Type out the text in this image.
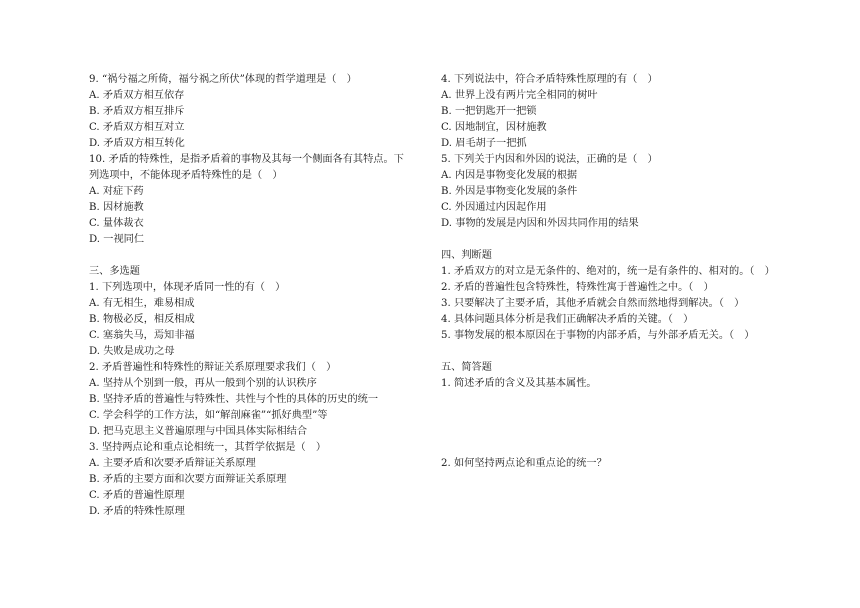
9. “祸兮福之所倚，福兮祸之所伏”体现的哲学道理是（　）
A. 矛盾双方相互依存
B. 矛盾双方相互排斥
C. 矛盾双方相互对立
D. 矛盾双方相互转化
10. 矛盾的特殊性，是指矛盾着的事物及其每一个侧面各有其特点。下
列选项中，不能体现矛盾特殊性的是（　）
A. 对症下药
B. 因材施教
C. 量体裁衣
D. 一视同仁
三、多选题
1. 下列选项中，体现矛盾同一性的有（　）
A. 有无相生，难易相成
B. 物极必反，相反相成
C. 塞翁失马，焉知非福
D. 失败是成功之母
2. 矛盾普遍性和特殊性的辩证关系原理要求我们（　）
A. 坚持从个别到一般，再从一般到个别的认识秩序
B. 坚持矛盾的普遍性与特殊性、共性与个性的具体的历史的统一
C. 学会科学的工作方法，如“解剖麻雀”“抓好典型”等
D. 把马克思主义普遍原理与中国具体实际相结合
3. 坚持两点论和重点论相统一，其哲学依据是（　）
A. 主要矛盾和次要矛盾辩证关系原理
B. 矛盾的主要方面和次要方面辩证关系原理
C. 矛盾的普遍性原理
D. 矛盾的特殊性原理
4. 下列说法中，符合矛盾特殊性原理的有（　）
A. 世界上没有两片完全相同的树叶
B. 一把钥匙开一把锁
C. 因地制宜，因材施教
D. 眉毛胡子一把抓
5. 下列关于内因和外因的说法，正确的是（　）
A. 内因是事物变化发展的根据
B. 外因是事物变化发展的条件
C. 外因通过内因起作用
D. 事物的发展是内因和外因共同作用的结果
四、判断题
1. 矛盾双方的对立是无条件的、绝对的，统一是有条件的、相对的。（　）
2. 矛盾的普遍性包含特殊性，特殊性寓于普遍性之中。（　）
3. 只要解决了主要矛盾，其他矛盾就会自然而然地得到解决。（　）
4. 具体问题具体分析是我们正确解决矛盾的关键。（　）
5. 事物发展的根本原因在于事物的内部矛盾，与外部矛盾无关。（　）
五、简答题
1. 简述矛盾的含义及其基本属性。
2. 如何坚持两点论和重点论的统一？
